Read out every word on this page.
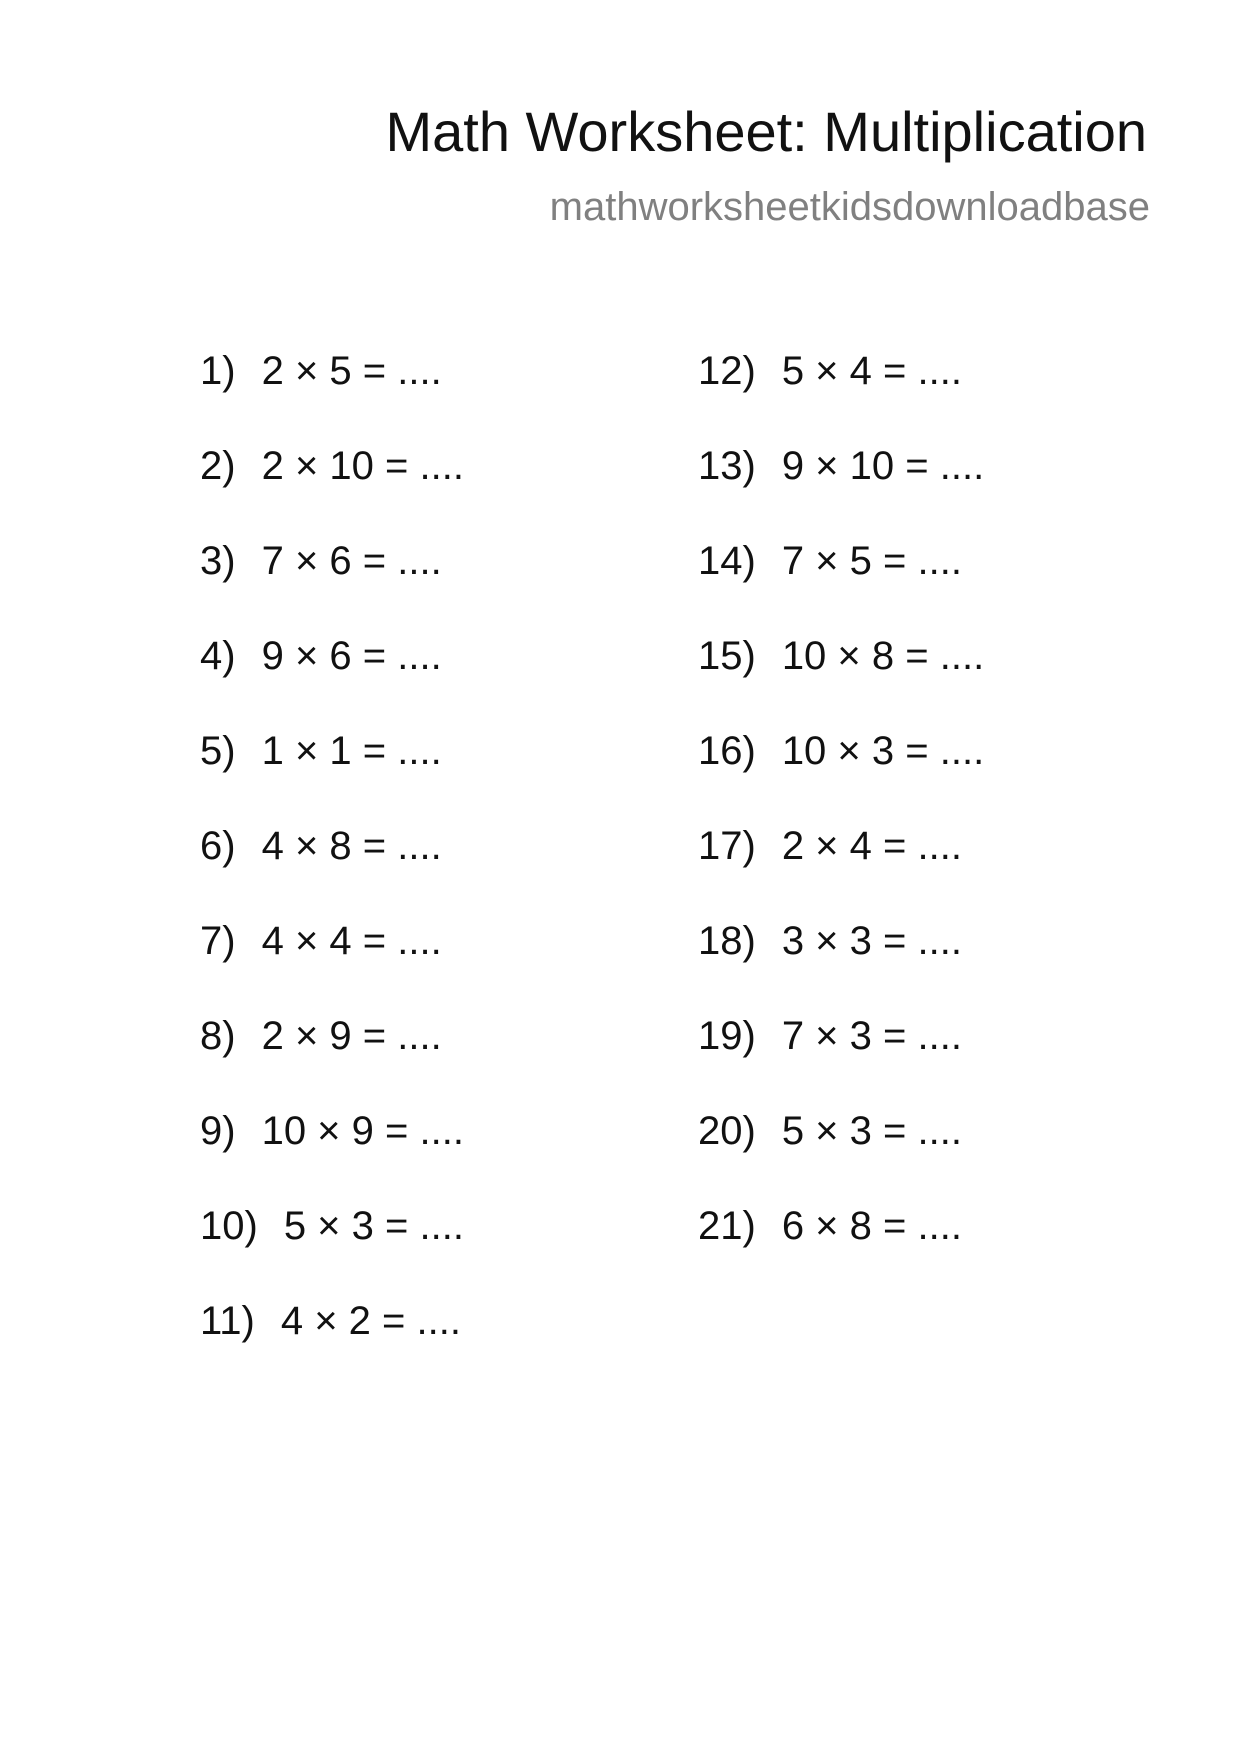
Math Worksheet: Multiplication
mathworksheetkidsdownloadbase
1) 2 × 5 = ....
2) 2 × 10 = ....
3) 7 × 6 = ....
4) 9 × 6 = ....
5) 1 × 1 = ....
6) 4 × 8 = ....
7) 4 × 4 = ....
8) 2 × 9 = ....
9) 10 × 9 = ....
10) 5 × 3 = ....
11) 4 × 2 = ....
12) 5 × 4 = ....
13) 9 × 10 = ....
14) 7 × 5 = ....
15) 10 × 8 = ....
16) 10 × 3 = ....
17) 2 × 4 = ....
18) 3 × 3 = ....
19) 7 × 3 = ....
20) 5 × 3 = ....
21) 6 × 8 = ....
